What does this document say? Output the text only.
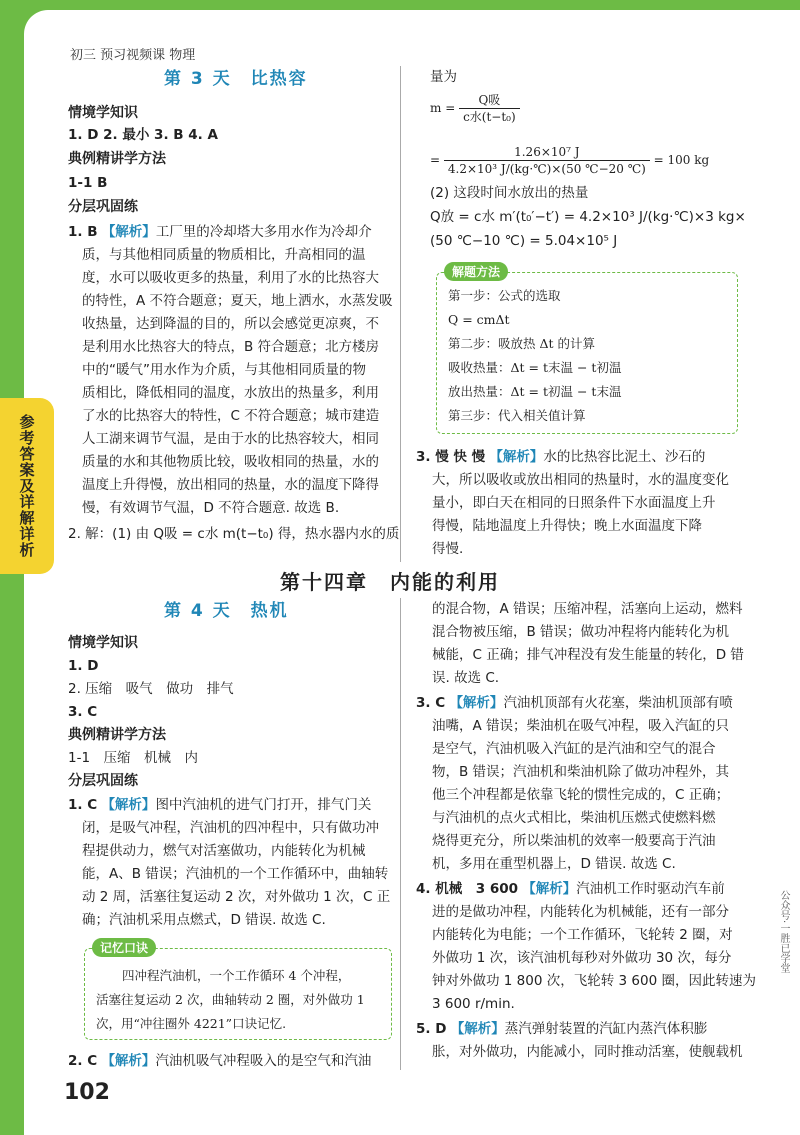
初三 预习视频课 物理
参考答案及详解详析
第 3 天　比热容
情境学知识
1. D 2. 最小 3. B 4. A
典例精讲学方法
1-1 B
分层巩固练
1. B 【解析】工厂里的冷却塔大多用水作为冷却介
质，与其他相同质量的物质相比，升高相同的温
度，水可以吸收更多的热量，利用了水的比热容大
的特性，A 不符合题意；夏天，地上洒水，水蒸发吸
收热量，达到降温的目的，所以会感觉更凉爽，不
是利用水比热容大的特点，B 符合题意；北方楼房
中的“暖气”用水作为介质，与其他相同质量的物
质相比，降低相同的温度，水放出的热量多，利用
了水的比热容大的特性，C 不符合题意；城市建造
人工湖来调节气温，是由于水的比热容较大，相同
质量的水和其他物质比较，吸收相同的热量，水的
温度上升得慢，放出相同的热量，水的温度下降得
慢，有效调节气温，D 不符合题意. 故选 B.
2. 解：(1) 由 Q吸 = c水 m(t−t₀) 得，热水器内水的质
量为
$m = \frac{\text{Q吸}}{\text{c水(t−t₀)}}$
= $\frac{\text{1.26×10⁷ J}}{\text{4.2×10³ J/(kg·℃)×(50 ℃−20 ℃)}} = 100$ kg
(2) 这段时间水放出的热量
Q放 = c水 m′(t₀′−t′) = 4.2×10³ J/(kg·℃)×3 kg×
(50 ℃−10 ℃) = 5.04×10⁵ J
解题方法
第一步：公式的选取
Q = cmΔt
第二步：吸放热 Δt 的计算
吸收热量：Δt = t末温 − t初温
放出热量：Δt = t初温 − t末温
第三步：代入相关值计算
3. 慢 快 慢 【解析】水的比热容比泥土、沙石的
大，所以吸收或放出相同的热量时，水的温度变化
量小，即白天在相同的日照条件下水面温度上升
得慢，陆地温度上升得快；晚上水面温度下降
得慢.
第十四章　内能的利用
第 4 天　热机
情境学知识
1. D
2. 压缩　吸气　做功　排气
3. C
典例精讲学方法
1-1　压缩　机械　内
分层巩固练
1. C 【解析】图中汽油机的进气门打开，排气门关
闭，是吸气冲程，汽油机的四冲程中，只有做功冲
程提供动力，燃气对活塞做功，内能转化为机械
能，A、B 错误；汽油机的一个工作循环中，曲轴转
动 2 周，活塞往复运动 2 次，对外做功 1 次，C 正
确；汽油机采用点燃式，D 错误. 故选 C.
记忆口诀
四冲程汽油机，一个工作循环 4 个冲程，
活塞往复运动 2 次，曲轴转动 2 圈，对外做功 1
次，用“冲往圈外 4221”口诀记忆.
2. C 【解析】汽油机吸气冲程吸入的是空气和汽油
的混合物，A 错误；压缩冲程，活塞向上运动，燃料
混合物被压缩，B 错误；做功冲程将内能转化为机
械能，C 正确；排气冲程没有发生能量的转化，D 错
误. 故选 C.
3. C 【解析】汽油机顶部有火花塞，柴油机顶部有喷
油嘴，A 错误；柴油机在吸气冲程，吸入汽缸的只
是空气，汽油机吸入汽缸的是汽油和空气的混合
物，B 错误；汽油机和柴油机除了做功冲程外，其
他三个冲程都是依靠飞轮的惯性完成的，C 正确；
与汽油机的点火式相比，柴油机压燃式使燃料燃
烧得更充分，所以柴油机的效率一般要高于汽油
机，多用在重型机器上，D 错误. 故选 C.
4. 机械　3 600 【解析】汽油机工作时驱动汽车前
进的是做功冲程，内能转化为机械能，还有一部分
内能转化为电能；一个工作循环，飞轮转 2 圈，对
外做功 1 次，该汽油机每秒对外做功 30 次，每分
钟对外做功 1 800 次，飞轮转 3 600 圈，因此转速为
3 600 r/min.
5. D 【解析】蒸汽弹射装置的汽缸内蒸汽体积膨
胀，对外做功，内能减小，同时推动活塞，使舰载机
公众号·一胜已学堂
102
